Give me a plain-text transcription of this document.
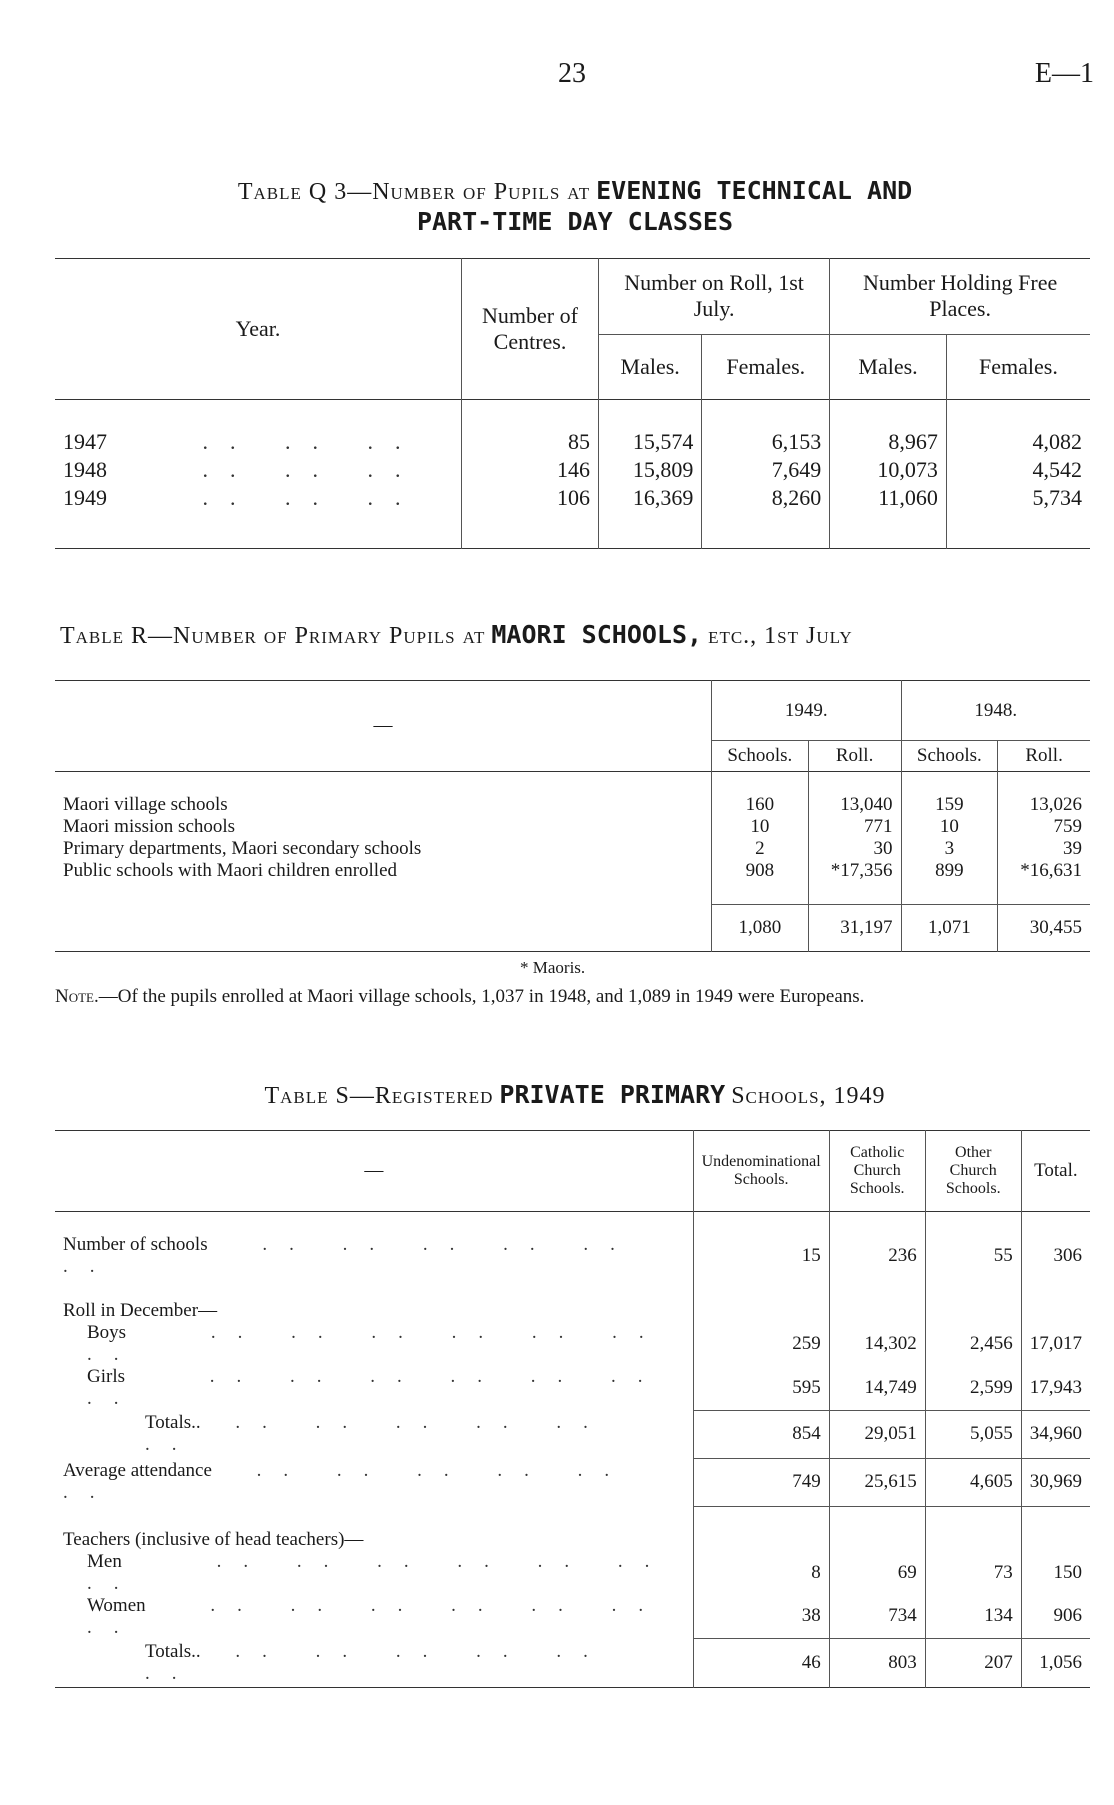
23	E—1
Table Q 3—Number of Pupils at EVENING TECHNICAL AND
PART-TIME DAY CLASSES
Year.	Number of Centres.	Number on Roll, 1st July.		Number Holding Free Places.	
		Males.	Females.	Males.	Females.

1947 .. .. ..	85	15,574	6,153	8,967	4,082
1948 .. .. ..	146	15,809	7,649	10,073	4,542
1949 .. .. ..	106	16,369	8,260	11,060	5,734

Table R—Number of Primary Pupils at MAORI SCHOOLS, etc., 1st July
—	1949.		1948.	
	Schools.	Roll.	Schools.	Roll.

Maori village schools	160	13,040	159	13,026
Maori mission schools	10	771	10	759
Primary departments, Maori secondary schools	2	30	3	39
Public schools with Maori children enrolled	908	*17,356	899	*16,631

	1,080	31,197	1,071	30,455
* Maoris.
Note.—Of the pupils enrolled at Maori village schools, 1,037 in 1948, and 1,089 in 1949 were Europeans.
Table S—Registered PRIVATE PRIMARY Schools, 1949
—	Undenominational Schools.	Catholic Church Schools.	Other Church Schools.	Total.

Number of schools .. .. .. .. .. ..	15	236	55	306

Roll in December—				
Boys .. .. .. .. .. .. ..	259	14,302	2,456	17,017
Girls .. .. .. .. .. .. ..	595	14,749	2,599	17,943
Totals.. .. .. .. .. .. ..	854	29,051	5,055	34,960
Average attendance .. .. .. .. .. ..	749	25,615	4,605	30,969

Teachers (inclusive of head teachers)—				
Men .. .. .. .. .. .. ..	8	69	73	150
Women .. .. .. .. .. .. ..	38	734	134	906
Totals.. .. .. .. .. .. ..	46	803	207	1,056
